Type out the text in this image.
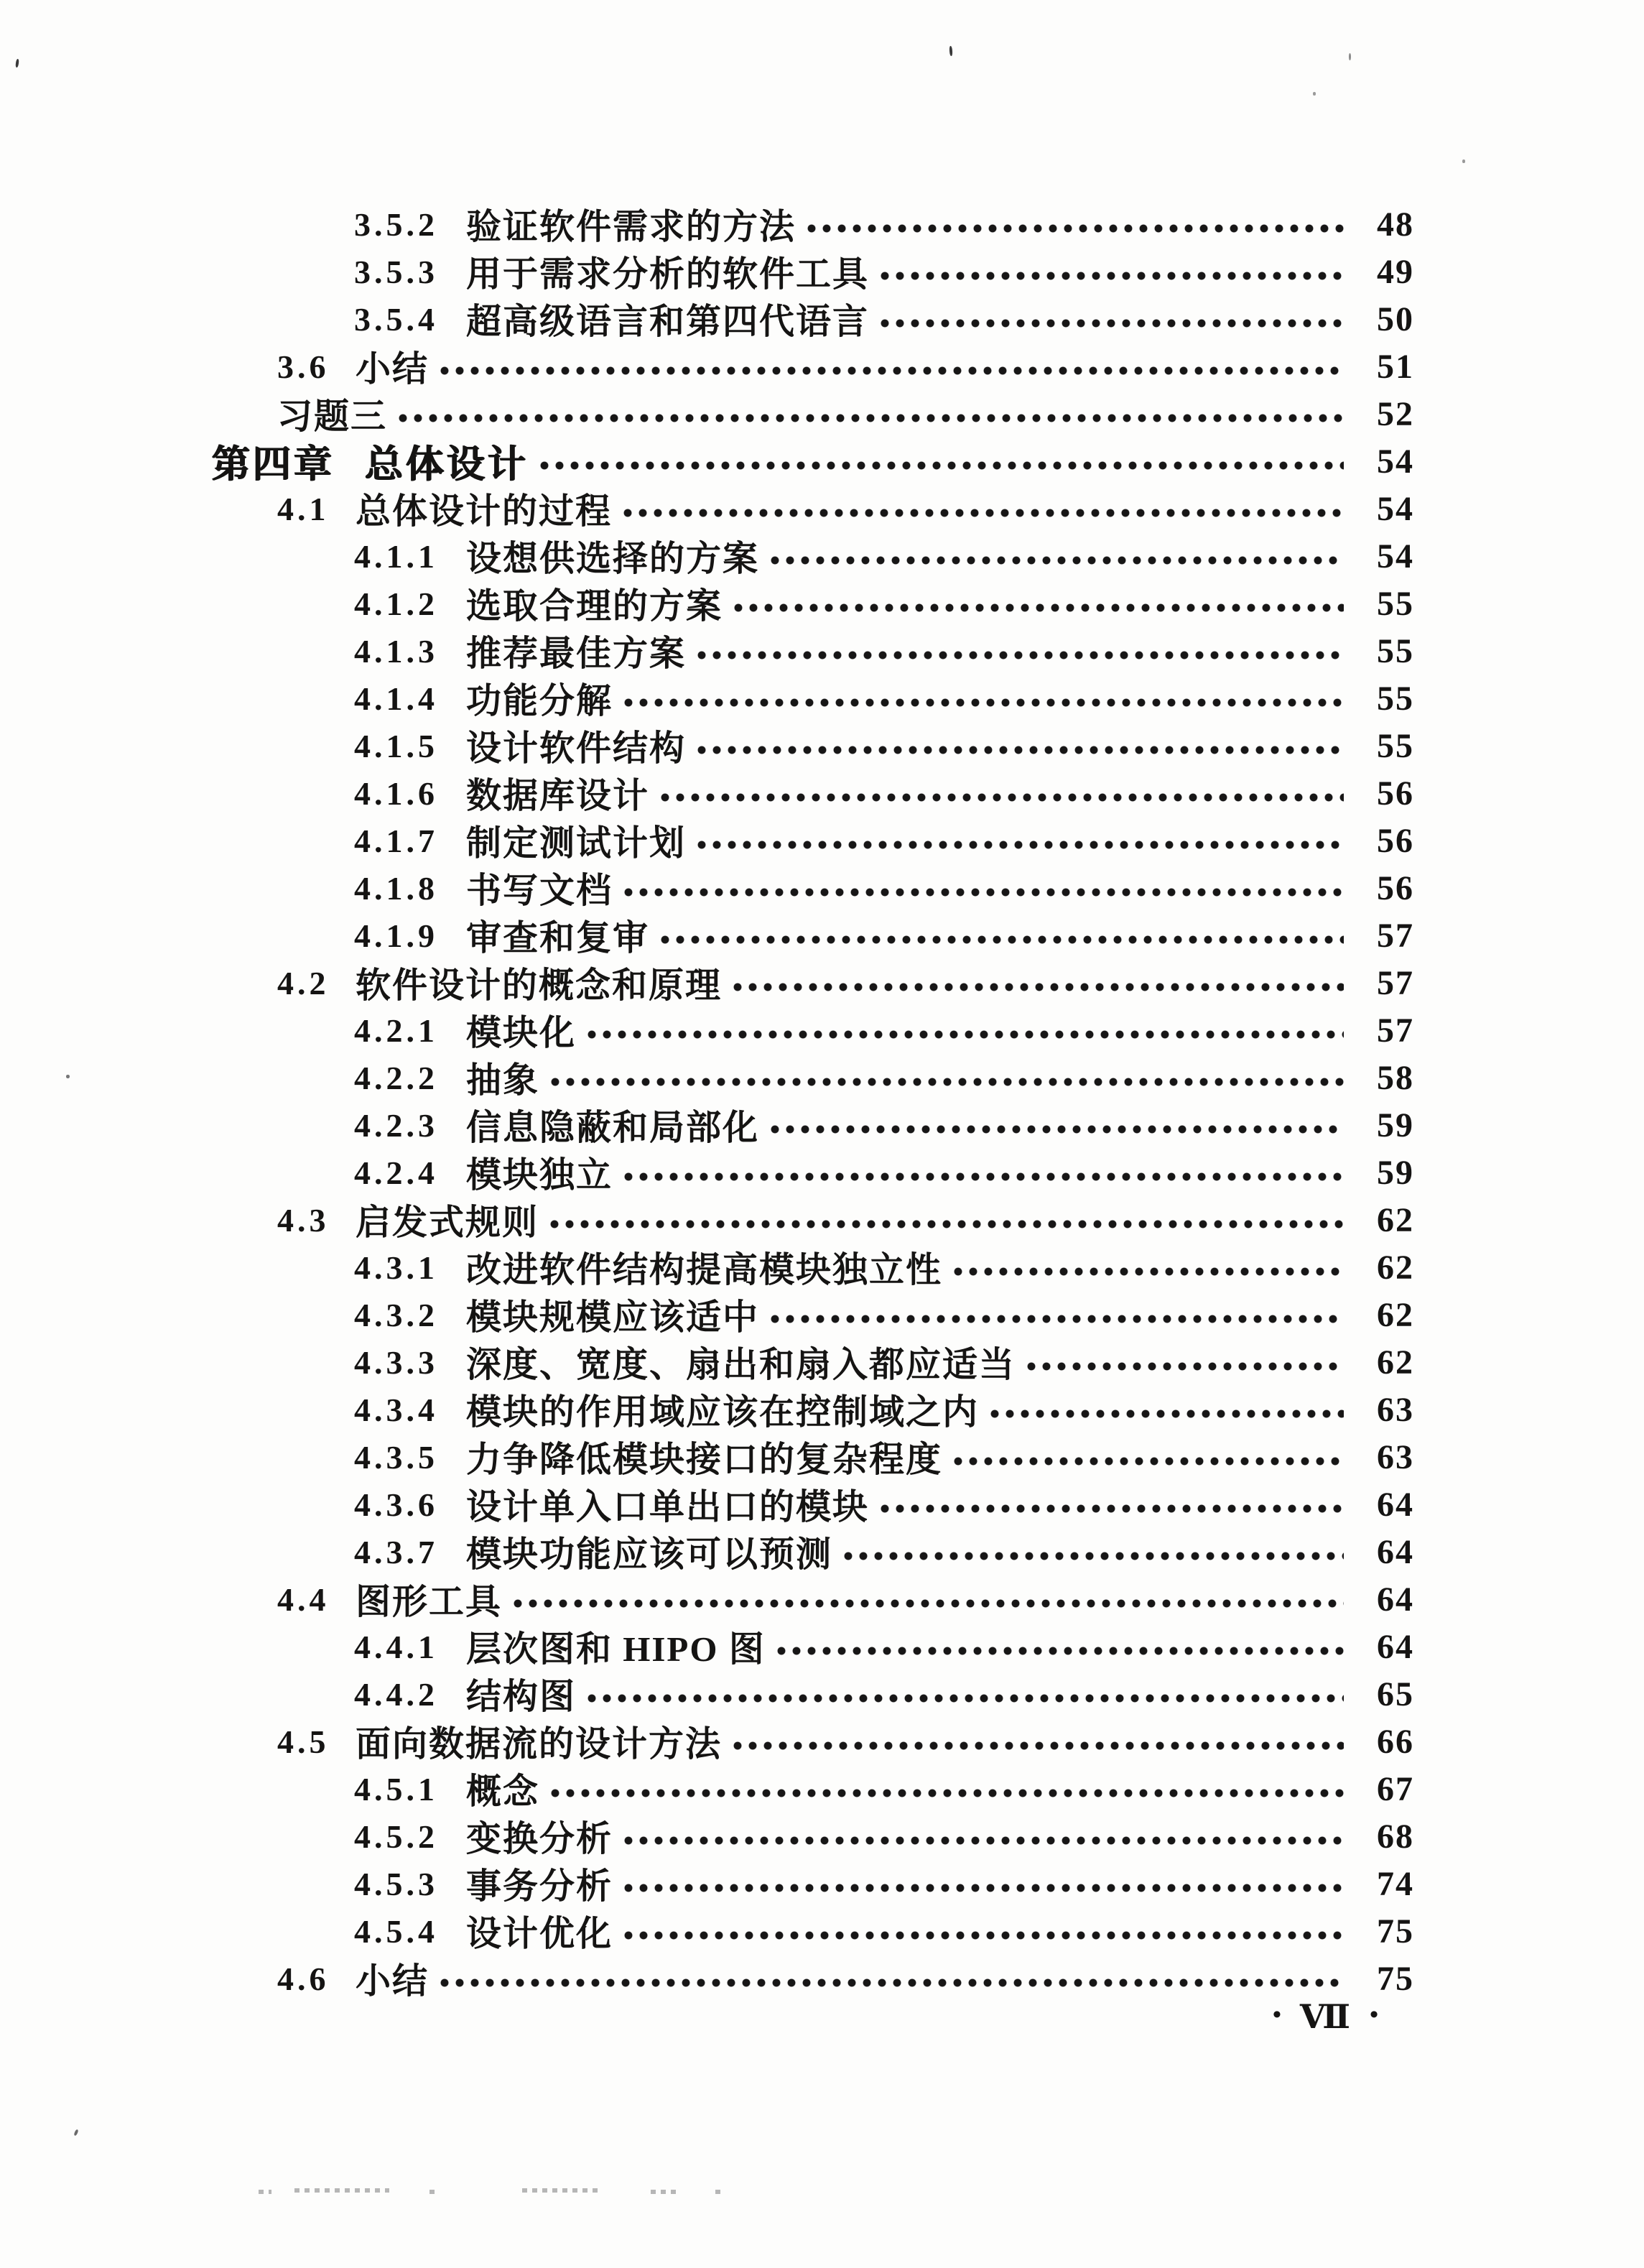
3.5.2 验证软件需求的方法	48
3.5.3 用于需求分析的软件工具	49
3.5.4 超高级语言和第四代语言	50
3.6 小结	51
习题三	52
第四章 总体设计	54
4.1 总体设计的过程	54
4.1.1 设想供选择的方案	54
4.1.2 选取合理的方案	55
4.1.3 推荐最佳方案	55
4.1.4 功能分解	55
4.1.5 设计软件结构	55
4.1.6 数据库设计	56
4.1.7 制定测试计划	56
4.1.8 书写文档	56
4.1.9 审查和复审	57
4.2 软件设计的概念和原理	57
4.2.1 模块化	57
4.2.2 抽象	58
4.2.3 信息隐蔽和局部化	59
4.2.4 模块独立	59
4.3 启发式规则	62
4.3.1 改进软件结构提高模块独立性	62
4.3.2 模块规模应该适中	62
4.3.3 深度、宽度、扇出和扇入都应适当	62
4.3.4 模块的作用域应该在控制域之内	63
4.3.5 力争降低模块接口的复杂程度	63
4.3.6 设计单入口单出口的模块	64
4.3.7 模块功能应该可以预测	64
4.4 图形工具	64
4.4.1 层次图和 HIPO 图	64
4.4.2 结构图	65
4.5 面向数据流的设计方法	66
4.5.1 概念	67
4.5.2 变换分析	68
4.5.3 事务分析	74
4.5.4 设计优化	75
4.6 小结	75
• Ⅶ •
